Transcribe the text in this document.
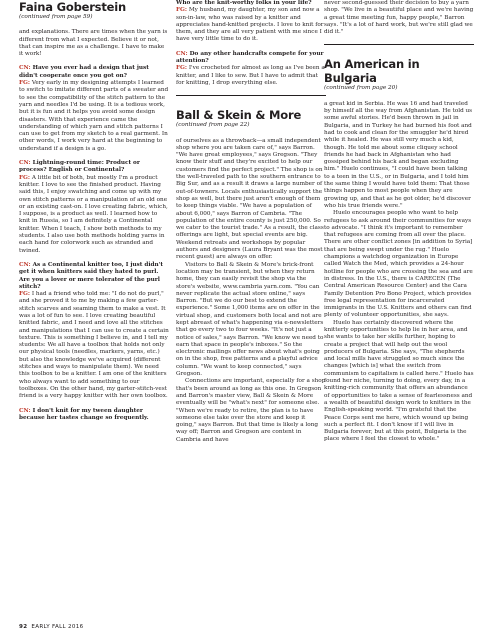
Faina Goberstein

(continued from page 59)

and explanations. There are times when the yarn is different from what I expected. Believe it or not, that can inspire me as a challenge. I have to make it work!

CN: Have you ever had a design that just didn't cooperate once you got on?

FG: Very early in my designing attempts I learned to switch to imitate different parts of a sweater and to see the compatibility of the stitch pattern to the yarn and needles I'd be using. It is a tedious work, but it is fun and it helps you avoid some design disasters. With that experience came the understanding of which yarn and stitch patterns I can use to get from my sketch to a real garment. In other words, I work very hard at the beginning to understand if a design is a go.

CN: Lightning-round time: Product or process? English or Continental?

FG: A little bit of both, but mostly I'm a product knitter. I love to see the finished product. Having said this, I enjoy swatching and come up with my own stitch patterns or a manipulation of an old one or an existing cast-on. I love creating fabric, which, I suppose, is a product as well. I learned how to knit in Russia, so I am definitely a Continental knitter. When I teach, I show both methods to my students. I also use both methods holding yarns in each hand for colorwork such as stranded and twined.

CN: As a Continental knitter too, I just didn't get it when knitters said they hated to purl. Are you a lover or mere tolerator of the purl stitch?

FG: I had a friend who told me: "I do not do purl," and she proved it to me by making a few garter-stitch scarves and seaming them to make a vest. It was a lot of fun to see. I love creating beautiful knitted fabric, and I need and love all the stitches and manipulations that I can use to create a certain texture. This is something I believe in, and I tell my students: We all have a toolbox that holds not only our physical tools (needles, markers, yarns, etc.) but also the knowledge we've acquired (different stitches and ways to manipulate them). We need this toolbox to be a knitter. I am one of the knitters who always want to add something to our toolboxes. On the other hand, my garter-stitch-vest friend is a very happy knitter with her own toolbox.

CN: I don't knit for my tween daughter because her tastes change so frequently.

Who are the knit-worthy folks in your life?

FG: My husband, my daughter, my son and now a son-in-law, who was raised by a knitter and appreciates hand-knitted projects. I love to knit for them, and they are all very patient with me since I have very little time to do it.

CN: Do any other handcrafts compete for your attention?

FG: I've crocheted for almost as long as I've been a knitter, and I like to sew. But I have to admit that for knitting, I drop everything else.

Ball & Skein & More

(continued from page 22)

of ourselves as a throwback—a small independent shop where you are taken care of," says Barron. "We have great employees," says Gregson. "They know their stuff and they're excited to help our customers find the perfect project." The shop is on the well-traveled path to the southern entrance to Big Sur, and as a result it draws a large number of out-of-towners. Locals enthusiastically support the shop as well, but there just aren't enough of them to keep things viable. "We have a population of about 6,000," says Barron of Cambria. "The population of the entire county is just 250,000. So we cater to the tourist trade." As a result, the class offerings are light, but special events are big. Weekend retreats and workshops by popular authors and designers (Laura Bryant was the most recent guest) are always on offer.

Visitors to Ball & Skein & More's brick-front location may be transient, but when they return home, they can easily revisit the shop via the store's website, www.cambria yarn.com. "You can never replicate the actual store online," says Barron. "But we do our best to extend the experience." Some 1,000 items are on offer in the virtual shop, and customers both local and not are kept abreast of what's happening via e-newsletters that go every two to four weeks. "It's not just a notice of sales," says Barron. "We know we need to earn that space in people's inboxes." So the electronic mailings offer news about what's going on in the shop, free patterns and a playful advice column. "We want to keep connected," says Gregson.

Connections are important, especially for a shop that's been around as long as this one. In Gregson and Barron's master view, Ball & Skein & More eventually will be "what's next" for someone else. "When we're ready to retire, the plan is to have someone else take over the store and keep it going," says Barron. But that time is likely a long way off; Barron and Gregson are content in Cambria and have

never second-guessed their decision to buy a yarn shop. "We live in a beautiful place and we're having a great time meeting fun, happy people," Barron says. "It's a lot of hard work, but we're still glad we did it."

An American in Bulgaria

(continued from page 20)

a great kid in Serbia. He was 16 and had traveled by himself all the way from Afghanistan. He told us some awful stories. He'd been thrown in jail in Bulgaria, and in Turkey he had burned his foot and had to cook and clean for the smuggler he'd hired while it healed. He was still very much a kid, though. He told me about some cliquey school friends he had back in Afghanistan who had gossiped behind his back and began excluding him." Huelo continues, "I could have been talking to a teen in the U.S., or in Bulgaria, and I told him the same thing I would have told them: That those things happen to most people when they are growing up, and that as he got older, he'd discover who his true friends were."

Huelo encourages people who want to help refugees to ask around their communities for ways to advocate. "I think it's important to remember that refugees are coming from all over the place. There are other conflict zones [in addition to Syria] that are being swept under the rug." Huelo champions a watchdog organization in Europe called Watch the Med, which provides a 24-hour hotline for people who are crossing the sea and are in distress. In the U.S., there is CARECEN (The Central American Resource Center) and the Cara Family Detention Pro Bono Project, which provides free legal representation for incarcerated immigrants in the U.S. Knitters and others can find plenty of volunteer opportunities, she says.

Huelo has certainly discovered where the knitterly opportunities to help lie in her area, and she wants to take her skills further, hoping to create a project that will help out the wool producers of Bulgaria. She says, "The shepherds and local mills have struggled so much since the changes [which is] what the switch from communism to capitalism is called here." Huelo has found her niche, turning to doing, every day, in a knitting-rich community that offers an abundance of opportunities to take a sense of fearlessness and a wealth of beautiful design work to knitters in the English-speaking world. "I'm grateful that the Peace Corps sent me here, which wound up being such a perfect fit. I don't know if I will live in Bulgaria forever, but at this point, Bulgaria is the place where I feel the closest to whole."

92 EARLY FALL 2016
